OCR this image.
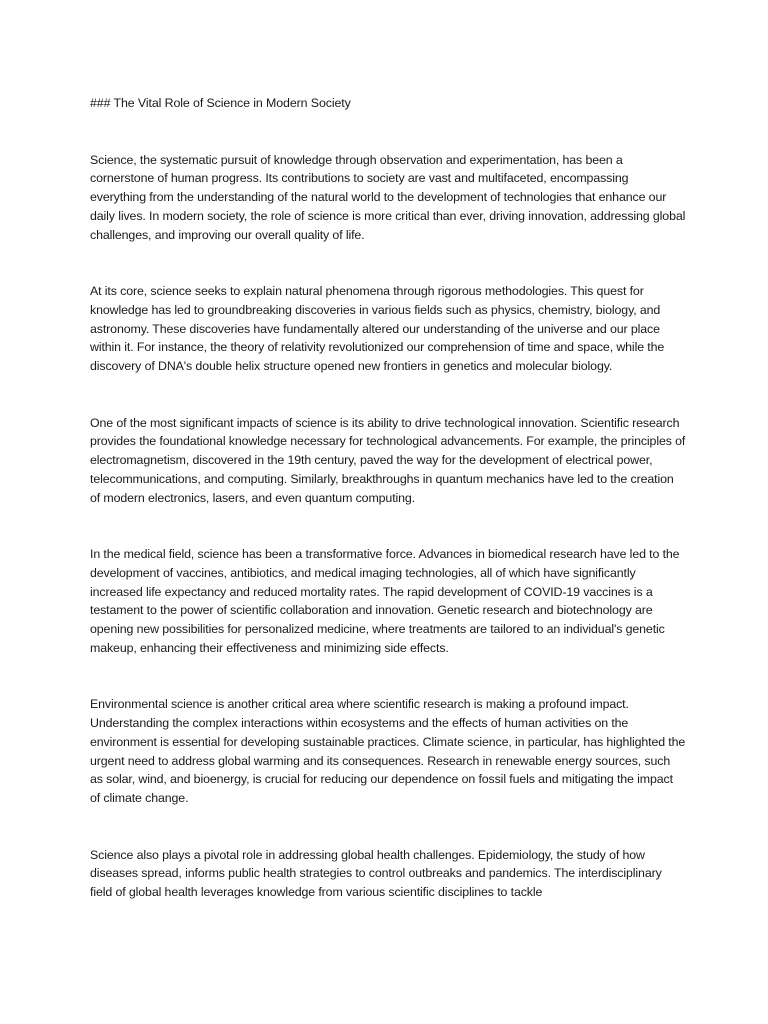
### The Vital Role of Science in Modern Society

Science, the systematic pursuit of knowledge through observation and experimentation, has been a cornerstone of human progress. Its contributions to society are vast and multifaceted, encompassing everything from the understanding of the natural world to the development of technologies that enhance our daily lives. In modern society, the role of science is more critical than ever, driving innovation, addressing global challenges, and improving our overall quality of life.

At its core, science seeks to explain natural phenomena through rigorous methodologies. This quest for knowledge has led to groundbreaking discoveries in various fields such as physics, chemistry, biology, and astronomy. These discoveries have fundamentally altered our understanding of the universe and our place within it. For instance, the theory of relativity revolutionized our comprehension of time and space, while the discovery of DNA's double helix structure opened new frontiers in genetics and molecular biology.

One of the most significant impacts of science is its ability to drive technological innovation. Scientific research provides the foundational knowledge necessary for technological advancements. For example, the principles of electromagnetism, discovered in the 19th century, paved the way for the development of electrical power, telecommunications, and computing. Similarly, breakthroughs in quantum mechanics have led to the creation of modern electronics, lasers, and even quantum computing.

In the medical field, science has been a transformative force. Advances in biomedical research have led to the development of vaccines, antibiotics, and medical imaging technologies, all of which have significantly increased life expectancy and reduced mortality rates. The rapid development of COVID-19 vaccines is a testament to the power of scientific collaboration and innovation. Genetic research and biotechnology are opening new possibilities for personalized medicine, where treatments are tailored to an individual's genetic makeup, enhancing their effectiveness and minimizing side effects.

Environmental science is another critical area where scientific research is making a profound impact. Understanding the complex interactions within ecosystems and the effects of human activities on the environment is essential for developing sustainable practices. Climate science, in particular, has highlighted the urgent need to address global warming and its consequences. Research in renewable energy sources, such as solar, wind, and bioenergy, is crucial for reducing our dependence on fossil fuels and mitigating the impact of climate change.

Science also plays a pivotal role in addressing global health challenges. Epidemiology, the study of how diseases spread, informs public health strategies to control outbreaks and pandemics. The interdisciplinary field of global health leverages knowledge from various scientific disciplines to tackle
